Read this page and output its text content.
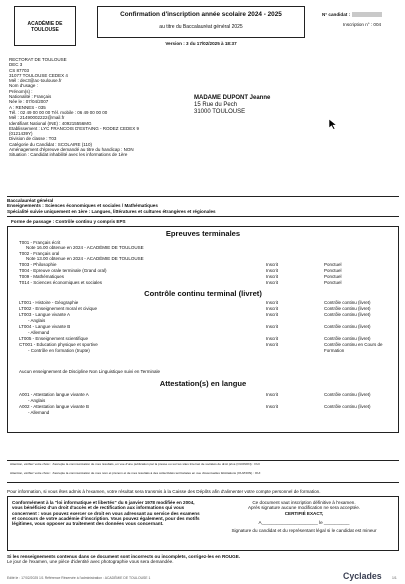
ACADÉMIE DE
TOULOUSE
Confirmation d'inscription année scolaire 2024 - 2025
au titre du Baccalauréat général 2025
Version : 3 du 17/02/2025 à 18:37
N° candidat :
Inscription n° : 004
RECTORAT DE TOULOUSE
DEC 3
CS 87703
31077 TOULOUSE CEDEX 4
Mél : dec3@ac-toulouse.fr
Nom d'usage :
Prénom(s) :
Nationalité : Français
Née le : 07/04/2007
A : RENNES - 035
Tél. : 02 49 00 00 00 Tél. mobile : 06 49 00 00 00
Mél : 21490002222@mail.fr
Identifiant National (INE) : 409215556MG
Etablissement : LYC FRANCOIS D'ESTAING - RODEZ CEDEX 9
(0121439Y)
Division de classe : T03
Catégorie du Candidat : SCOLAIRE (110)
Aménagement d'épreuve demandé au titre du handicap : NON
Situation : Candidat inhabilité avec les informations de 1ère
MADAME DUPONT Jeanne
15 Rue du Pech
31000 TOULOUSE
Baccalauréat général
Enseignements : Sciences économiques et sociales / Mathématiques
Spécialité suivie uniquement en 1ère : Langues, littératures et cultures étrangères et régionales
Forme de passage : Contrôle continu y compris EPS
Epreuves terminales
T001 - Français écrit
Note 16.00 obtenue en 2024 - ACADÉMIE DE TOULOUSE
T002 - Français oral
Note 13.00 obtenue en 2024 - ACADÉMIE DE TOULOUSE
T003 - Philosophie	Inscrit	Ponctuel
T004 - Epreuve orale terminale (Grand oral)	Inscrit	Ponctuel
T009 - Mathématiques	Inscrit	Ponctuel
T014 - Sciences économiques et sociales	Inscrit	Ponctuel
Contrôle continu terminal (livret)
LT001 - Histoire - Géographie	Inscrit	Contrôle continu (livret)
LT002 - Enseignement moral et civique	Inscrit	Contrôle continu (livret)
LT003 - Langue vivante A	Inscrit	Contrôle continu (livret)
- Anglais
LT004 - Langue vivante B	Inscrit	Contrôle continu (livret)
- Allemand
LT005 - Enseignement scientifique	Inscrit	Contrôle continu (livret)
CT001 - Education physique et sportive	Inscrit	Contrôle continu en Cours de
- Contrôle en formation (trupte)	Formation
Aucun enseignement de Discipline Non Linguistique suivi en Terminale
Attestation(s) en langue
A001 - Attestation langue vivante A	Inscrit	Contrôle continu (livret)
- Anglais
A002 - Attestation langue vivante B	Inscrit	Contrôle continu (livret)
- Allemand
Attention, vérifiez votre choix : J'accepte la communication de mes résultats, en vue d'une publication par la presse ou sur les sites Internet de sociétés de droit privé (OUI/NON) : OUI
Attention, vérifiez votre choix : J'accepte la communication de mes nom et prénom et de mes résultats à des collectivités territoriales en vue d'éventuelles félicitations (OUI/NON) : OUI
Pour information, si vous êtes admis à l'examen, votre résultat sera transmis à la Caisse des Dépôts afin d'alimenter votre compte personnel de formation.
Conformément à la "loi informatique et libertés" du 6 janvier 1978 modifiée en 2004, vous bénéficiez d'un droit d'accès et de rectification aux informations qui vous concernent : vous pouvez exercer ce droit en vous adressant au service des examens et concours de votre académie d'inscription. Vous pouvez également, pour des motifs légitimes, vous opposer au traitement des données vous concernant.
Ce document vaut inscription définitive à l'examen.
Après signature aucune modification ne sera acceptée.
CERTIFIÉ EXACT,
A______________________ le __________
Signature du candidat et du représentant légal si le candidat est mineur
Si les renseignements contenus dans ce document sont incorrects ou incomplets, corrigez-les en ROUGE.
Le jour de l'examen, une pièce d'identité avec photographie vous sera demandée.
Edité le : 17/02/2025 1/1 Référence Réservée à l'administration : ACADÉMIE DE TOULOUSE 1	Cyclades	1/1
